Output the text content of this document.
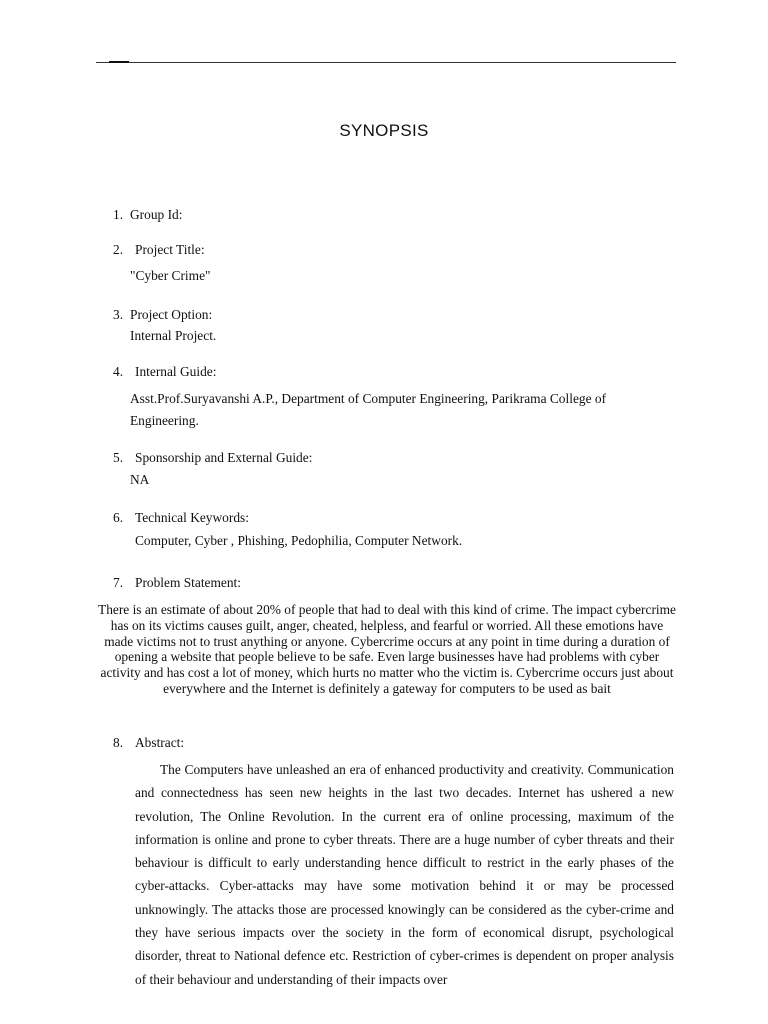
SYNOPSIS
1. Group Id:
2. Project Title:
"Cyber Crime"
3. Project Option:
Internal Project.
4. Internal Guide:
Asst.Prof.Suryavanshi A.P., Department of Computer Engineering, Parikrama College of
Engineering.
5. Sponsorship and External Guide:
NA
6. Technical Keywords:
Computer, Cyber , Phishing, Pedophilia, Computer Network.
7. Problem Statement:
There is an estimate of about 20% of people that had to deal with this kind of crime. The impact cybercrime has on its victims causes guilt, anger, cheated, helpless, and fearful or worried. All these emotions have made victims not to trust anything or anyone. Cybercrime occurs at any point in time during a duration of opening a website that people believe to be safe. Even large businesses have had problems with cyber activity and has cost a lot of money, which hurts no matter who the victim is. Cybercrime occurs just about everywhere and the Internet is definitely a gateway for computers to be used as bait
8. Abstract:
The Computers have unleashed an era of enhanced productivity and creativity. Communication and connectedness has seen new heights in the last two decades. Internet has ushered a new revolution, The Online Revolution. In the current era of online processing, maximum of the information is online and prone to cyber threats. There are a huge number of cyber threats and their behaviour is difficult to early understanding hence difficult to restrict in the early phases of the cyber-attacks. Cyber-attacks may have some motivation behind it or may be processed unknowingly. The attacks those are processed knowingly can be considered as the cyber-crime and they have serious impacts over the society in the form of economical disrupt, psychological disorder, threat to National defence etc. Restriction of cyber-crimes is dependent on proper analysis of their behaviour and understanding of their impacts over
